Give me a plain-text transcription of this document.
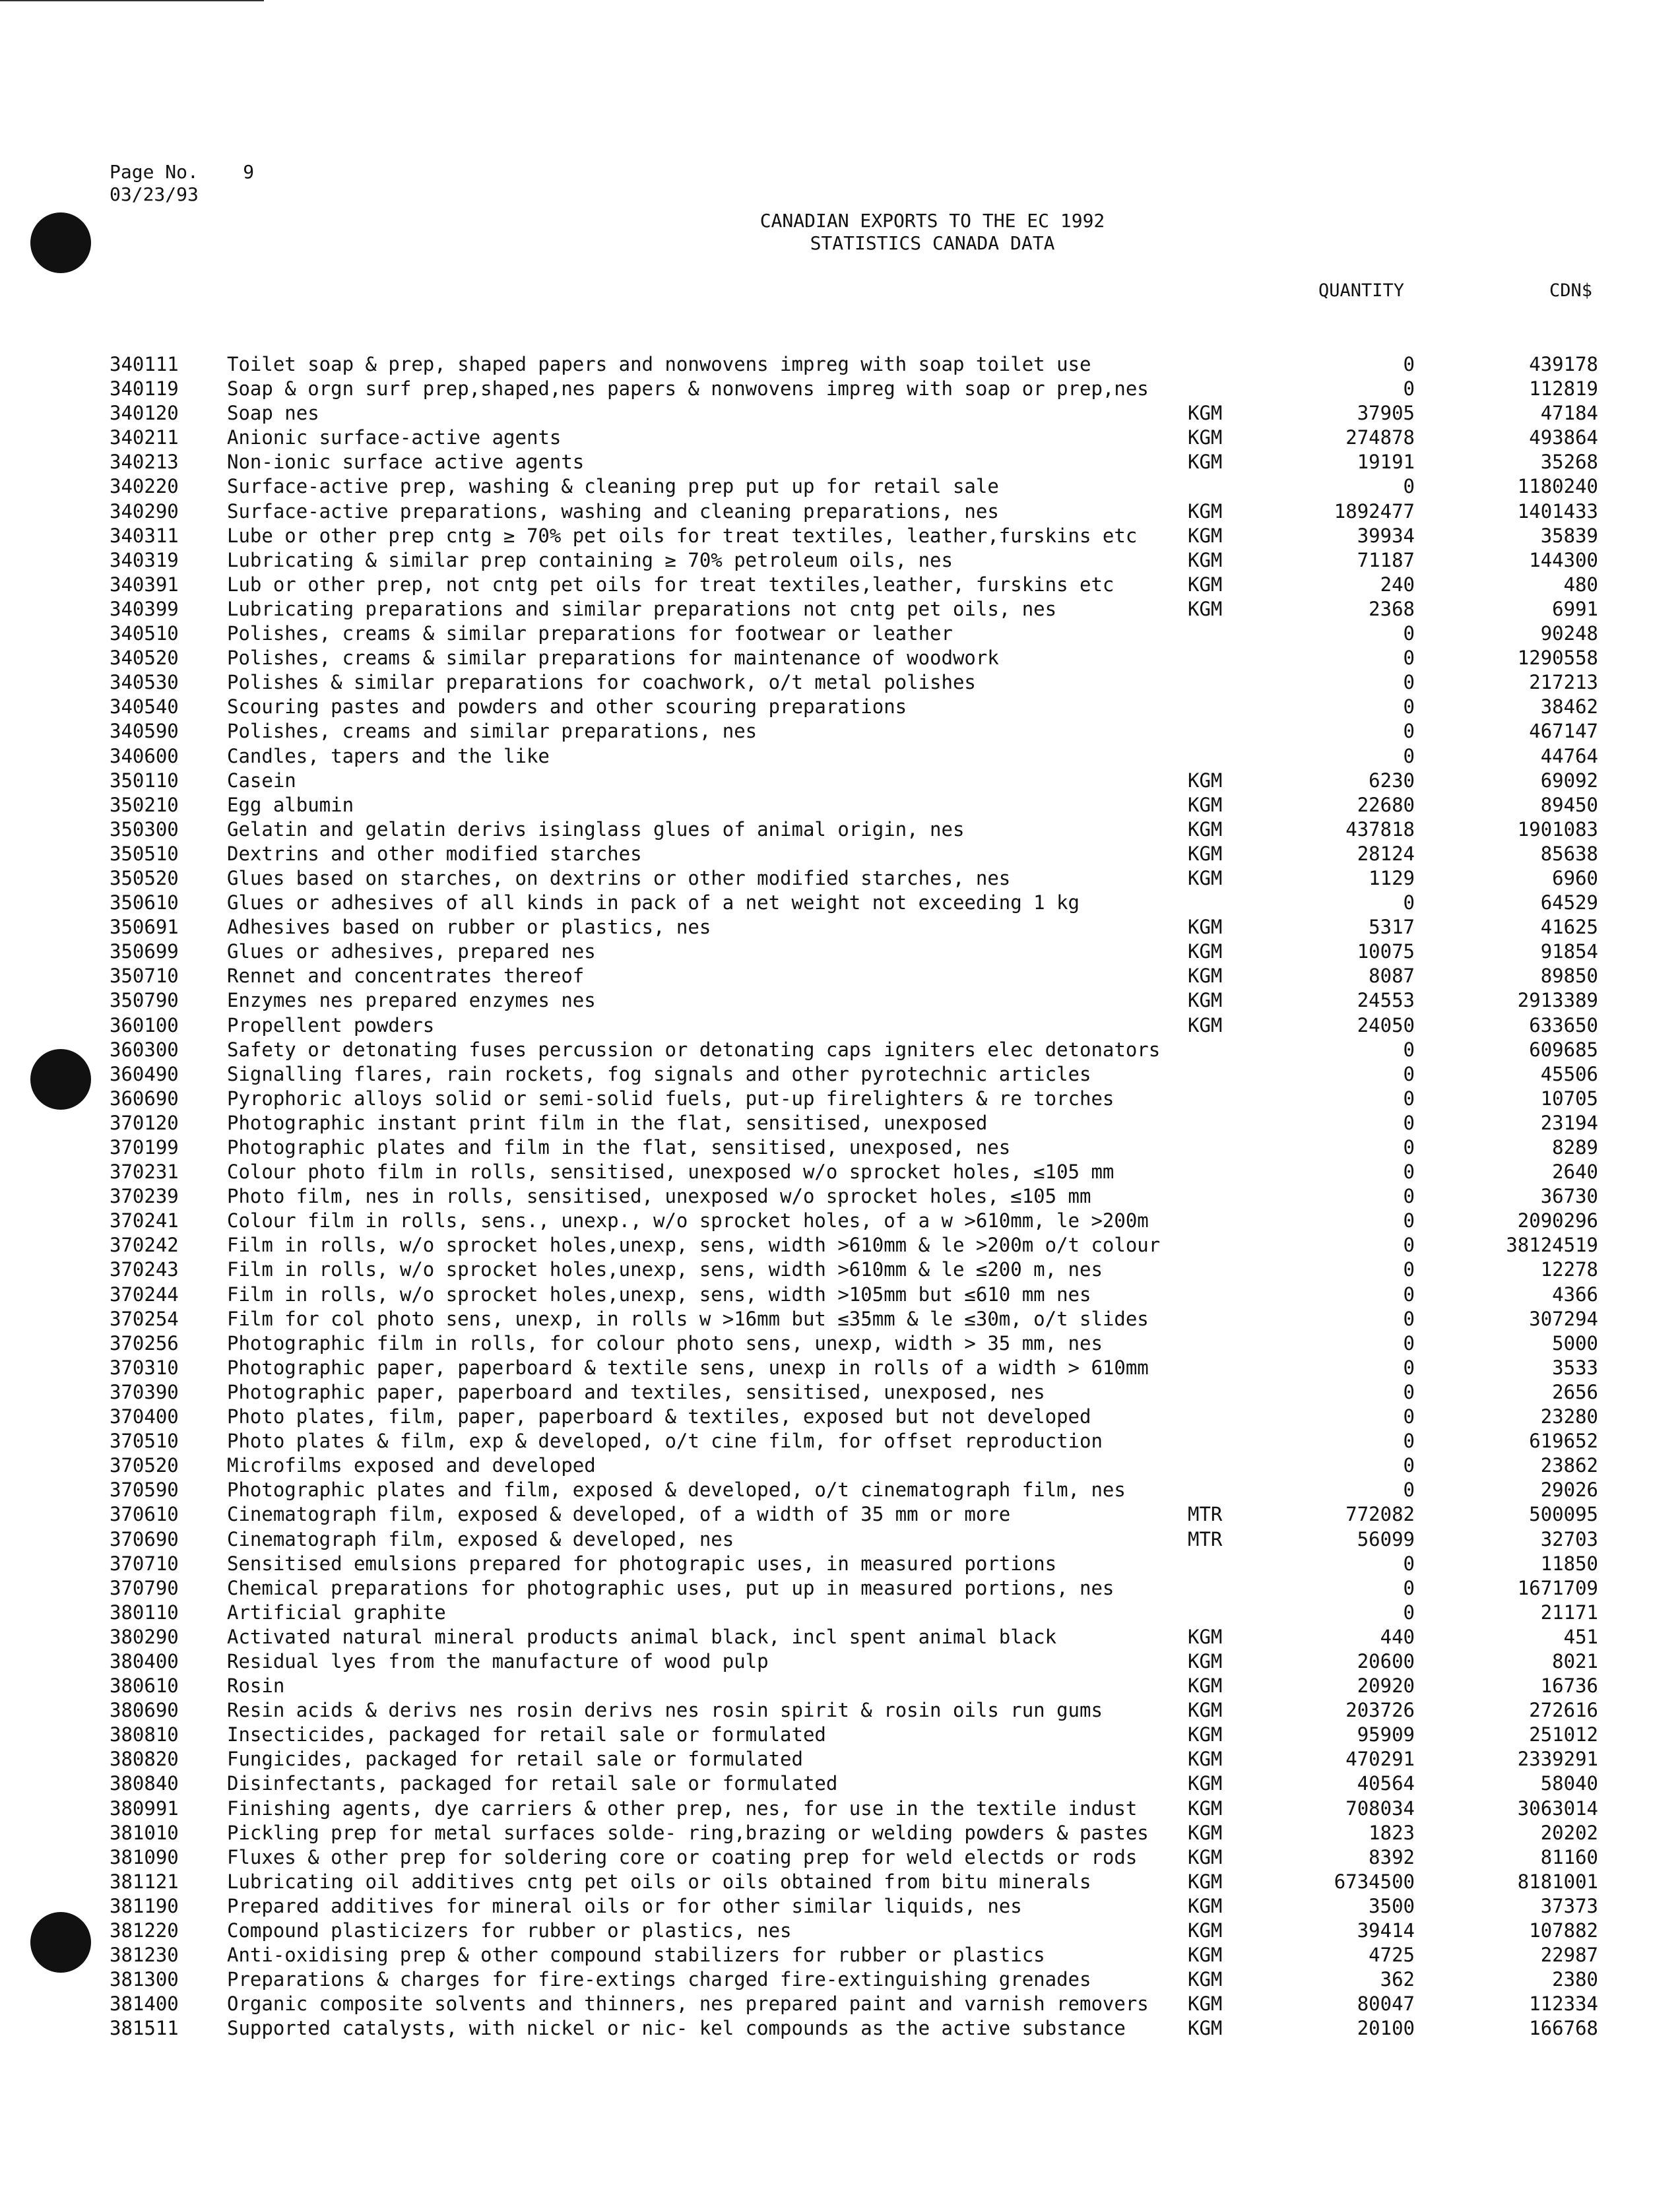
Page No. 9
03/23/93
CANADIAN EXPORTS TO THE EC 1992
STATISTICS CANADA DATA
QUANTITY	CDN$
340111	Toilet soap & prep, shaped papers and nonwovens impreg with soap toilet use	0	439178
340119	Soap & orgn surf prep,shaped,nes papers & nonwovens impreg with soap or prep,nes	0	112819
340120	Soap nes	KGM	37905	47184
340211	Anionic surface-active agents	KGM	274878	493864
340213	Non-ionic surface active agents	KGM	19191	35268
340220	Surface-active prep, washing & cleaning prep put up for retail sale	0	1180240
340290	Surface-active preparations, washing and cleaning preparations, nes	KGM	1892477	1401433
340311	Lube or other prep cntg ≥ 70% pet oils for treat textiles, leather,furskins etc	KGM	39934	35839
340319	Lubricating & similar prep containing ≥ 70% petroleum oils, nes	KGM	71187	144300
340391	Lub or other prep, not cntg pet oils for treat textiles,leather, furskins etc	KGM	240	480
340399	Lubricating preparations and similar preparations not cntg pet oils, nes	KGM	2368	6991
340510	Polishes, creams & similar preparations for footwear or leather	0	90248
340520	Polishes, creams & similar preparations for maintenance of woodwork	0	1290558
340530	Polishes & similar preparations for coachwork, o/t metal polishes	0	217213
340540	Scouring pastes and powders and other scouring preparations	0	38462
340590	Polishes, creams and similar preparations, nes	0	467147
340600	Candles, tapers and the like	0	44764
350110	Casein	KGM	6230	69092
350210	Egg albumin	KGM	22680	89450
350300	Gelatin and gelatin derivs isinglass glues of animal origin, nes	KGM	437818	1901083
350510	Dextrins and other modified starches	KGM	28124	85638
350520	Glues based on starches, on dextrins or other modified starches, nes	KGM	1129	6960
350610	Glues or adhesives of all kinds in pack of a net weight not exceeding 1 kg	0	64529
350691	Adhesives based on rubber or plastics, nes	KGM	5317	41625
350699	Glues or adhesives, prepared nes	KGM	10075	91854
350710	Rennet and concentrates thereof	KGM	8087	89850
350790	Enzymes nes prepared enzymes nes	KGM	24553	2913389
360100	Propellent powders	KGM	24050	633650
360300	Safety or detonating fuses percussion or detonating caps igniters elec detonators	0	609685
360490	Signalling flares, rain rockets, fog signals and other pyrotechnic articles	0	45506
360690	Pyrophoric alloys solid or semi-solid fuels, put-up firelighters & re torches	0	10705
370120	Photographic instant print film in the flat, sensitised, unexposed	0	23194
370199	Photographic plates and film in the flat, sensitised, unexposed, nes	0	8289
370231	Colour photo film in rolls, sensitised, unexposed w/o sprocket holes, ≤105 mm	0	2640
370239	Photo film, nes in rolls, sensitised, unexposed w/o sprocket holes, ≤105 mm	0	36730
370241	Colour film in rolls, sens., unexp., w/o sprocket holes, of a w >610mm, le >200m	0	2090296
370242	Film in rolls, w/o sprocket holes,unexp, sens, width >610mm & le >200m o/t colour	0	38124519
370243	Film in rolls, w/o sprocket holes,unexp, sens, width >610mm & le ≤200 m, nes	0	12278
370244	Film in rolls, w/o sprocket holes,unexp, sens, width >105mm but ≤610 mm nes	0	4366
370254	Film for col photo sens, unexp, in rolls w >16mm but ≤35mm & le ≤30m, o/t slides	0	307294
370256	Photographic film in rolls, for colour photo sens, unexp, width > 35 mm, nes	0	5000
370310	Photographic paper, paperboard & textile sens, unexp in rolls of a width > 610mm	0	3533
370390	Photographic paper, paperboard and textiles, sensitised, unexposed, nes	0	2656
370400	Photo plates, film, paper, paperboard & textiles, exposed but not developed	0	23280
370510	Photo plates & film, exp & developed, o/t cine film, for offset reproduction	0	619652
370520	Microfilms exposed and developed	0	23862
370590	Photographic plates and film, exposed & developed, o/t cinematograph film, nes	0	29026
370610	Cinematograph film, exposed & developed, of a width of 35 mm or more	MTR	772082	500095
370690	Cinematograph film, exposed & developed, nes	MTR	56099	32703
370710	Sensitised emulsions prepared for photograpic uses, in measured portions	0	11850
370790	Chemical preparations for photographic uses, put up in measured portions, nes	0	1671709
380110	Artificial graphite	0	21171
380290	Activated natural mineral products animal black, incl spent animal black	KGM	440	451
380400	Residual lyes from the manufacture of wood pulp	KGM	20600	8021
380610	Rosin	KGM	20920	16736
380690	Resin acids & derivs nes rosin derivs nes rosin spirit & rosin oils run gums	KGM	203726	272616
380810	Insecticides, packaged for retail sale or formulated	KGM	95909	251012
380820	Fungicides, packaged for retail sale or formulated	KGM	470291	2339291
380840	Disinfectants, packaged for retail sale or formulated	KGM	40564	58040
380991	Finishing agents, dye carriers & other prep, nes, for use in the textile indust	KGM	708034	3063014
381010	Pickling prep for metal surfaces solde- ring,brazing or welding powders & pastes KGM	1823	20202
381090	Fluxes & other prep for soldering core or coating prep for weld electds or rods	KGM	8392	81160
381121	Lubricating oil additives cntg pet oils or oils obtained from bitu minerals	KGM	6734500	8181001
381190	Prepared additives for mineral oils or for other similar liquids, nes	KGM	3500	37373
381220	Compound plasticizers for rubber or plastics, nes	KGM	39414	107882
381230	Anti-oxidising prep & other compound stabilizers for rubber or plastics	KGM	4725	22987
381300	Preparations & charges for fire-extings charged fire-extinguishing grenades	KGM	362	2380
381400	Organic composite solvents and thinners, nes prepared paint and varnish removers KGM	80047	112334
381511	Supported catalysts, with nickel or nic- kel compounds as the active substance	KGM	20100	166768
